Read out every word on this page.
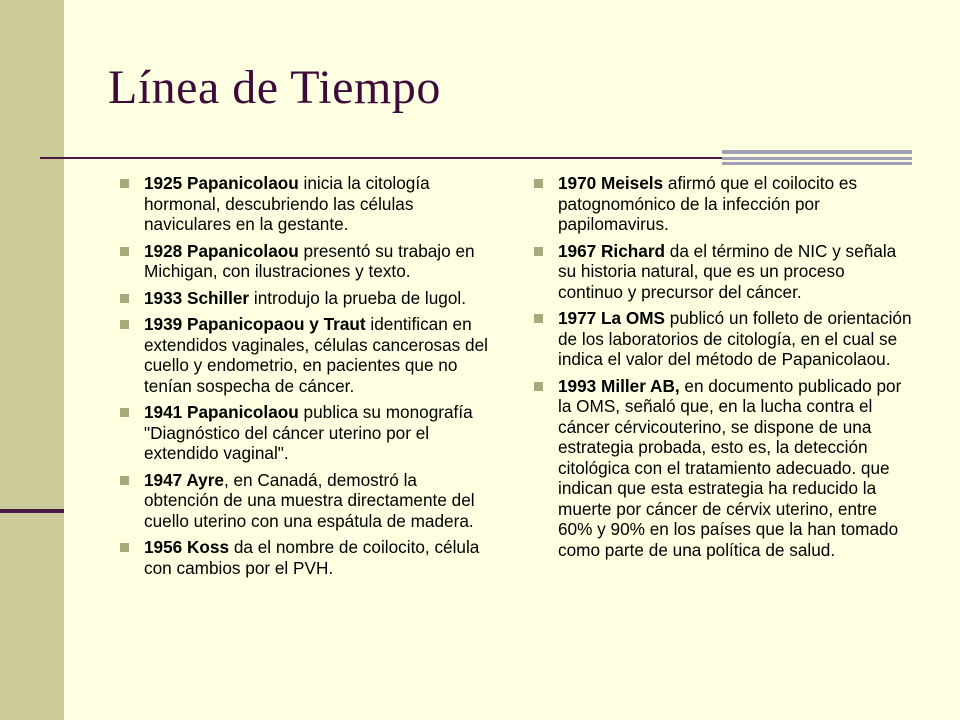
Línea de Tiempo
1925 Papanicolaou inicia la citología hormonal, descubriendo las células naviculares en la gestante.
1928 Papanicolaou presentó su trabajo en Michigan, con ilustraciones y texto.
1933 Schiller introdujo la prueba de lugol.
1939 Papanicopaou y Traut identifican en extendidos vaginales, células cancerosas del cuello y endometrio, en pacientes que no tenían sospecha de cáncer.
1941 Papanicolaou publica su monografía "Diagnóstico del cáncer uterino por el extendido vaginal".
1947 Ayre, en Canadá, demostró la obtención de una muestra directamente del cuello uterino con una espátula de madera.
1956 Koss da el nombre de coilocito, célula con cambios por el PVH.
1970 Meisels afirmó que el coilocito es patognomónico de la infección por papilomavirus.
1967 Richard da el término de NIC y señala su historia natural, que es un proceso continuo y precursor del cáncer.
1977 La OMS publicó un folleto de orientación de los laboratorios de citología, en el cual se indica el valor del método de Papanicolaou.
1993 Miller AB, en documento publicado por la OMS, señaló que, en la lucha contra el cáncer cérvicouterino, se dispone de una estrategia probada, esto es, la detección citológica con el tratamiento adecuado. que indican que esta estrategia ha reducido la muerte por cáncer de cérvix uterino, entre 60% y 90% en los países que la han tomado como parte de una política de salud.
